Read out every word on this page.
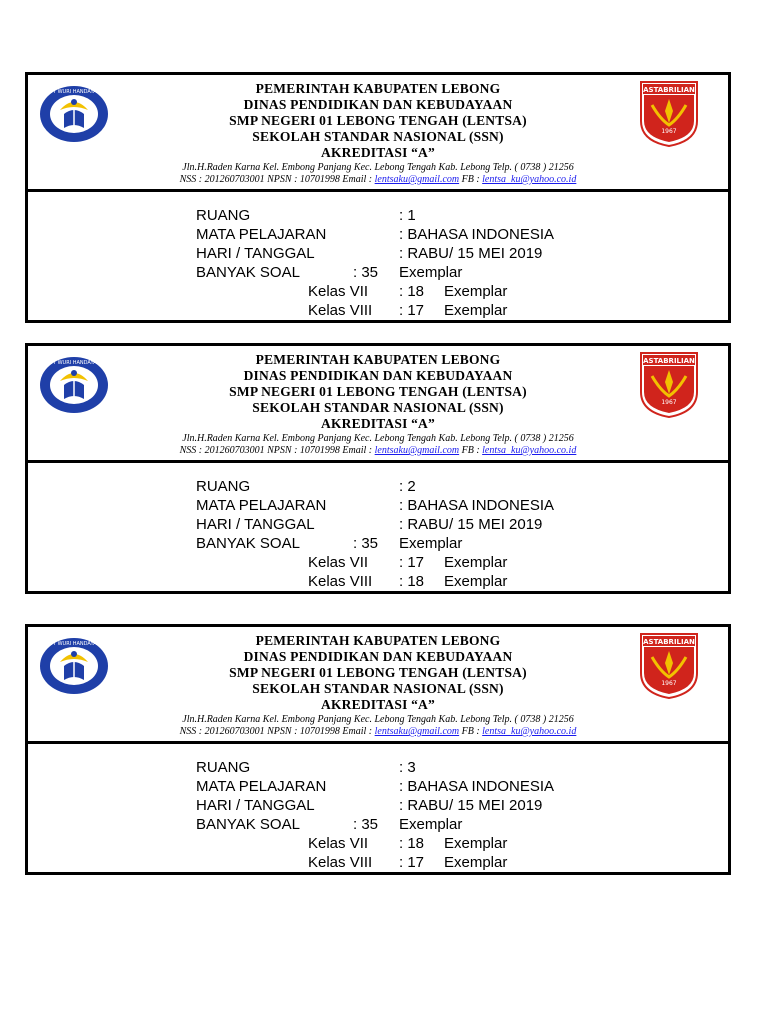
TUT WURI HANDAYANI	PEMERINTAH KABUPATEN LEBONG
DINAS PENDIDIKAN DAN KEBUDAYAAN
SMP NEGERI 01 LEBONG TENGAH (LENTSA)
SEKOLAH STANDAR NASIONAL (SSN)
AKREDITASI “A”
Jln.H.Raden Karna Kel. Embong Panjang Kec. Lebong Tengah Kab. Lebong Telp. ( 0738 ) 21256
NSS : 201260703001 NPSN : 10701998 Email : lentsaku@gmail.com FB : lentsa_ku@yahoo.co.id
ASTABRILIAN
1967
RUANG	: 1
MATA PELAJARAN	: BAHASA INDONESIA
HARI / TANGGAL	: RABU/ 15 MEI 2019
BANYAK SOAL	: 35 Exemplar
Kelas VII : 18 Exemplar
Kelas VIII : 17 Exemplar
TUT WURI HANDAYANI	PEMERINTAH KABUPATEN LEBONG
DINAS PENDIDIKAN DAN KEBUDAYAAN
SMP NEGERI 01 LEBONG TENGAH (LENTSA)
SEKOLAH STANDAR NASIONAL (SSN)
AKREDITASI “A”
Jln.H.Raden Karna Kel. Embong Panjang Kec. Lebong Tengah Kab. Lebong Telp. ( 0738 ) 21256
NSS : 201260703001 NPSN : 10701998 Email : lentsaku@gmail.com FB : lentsa_ku@yahoo.co.id
ASTABRILIAN
1967
RUANG	: 2
MATA PELAJARAN	: BAHASA INDONESIA
HARI / TANGGAL	: RABU/ 15 MEI 2019
BANYAK SOAL	: 35 Exemplar
Kelas VII : 17 Exemplar
Kelas VIII : 18 Exemplar
TUT WURI HANDAYANI	PEMERINTAH KABUPATEN LEBONG
DINAS PENDIDIKAN DAN KEBUDAYAAN
SMP NEGERI 01 LEBONG TENGAH (LENTSA)
SEKOLAH STANDAR NASIONAL (SSN)
AKREDITASI “A”
Jln.H.Raden Karna Kel. Embong Panjang Kec. Lebong Tengah Kab. Lebong Telp. ( 0738 ) 21256
NSS : 201260703001 NPSN : 10701998 Email : lentsaku@gmail.com FB : lentsa_ku@yahoo.co.id
ASTABRILIAN
1967
RUANG	: 3
MATA PELAJARAN	: BAHASA INDONESIA
HARI / TANGGAL	: RABU/ 15 MEI 2019
BANYAK SOAL	: 35 Exemplar
Kelas VII : 18 Exemplar
Kelas VIII : 17 Exemplar
